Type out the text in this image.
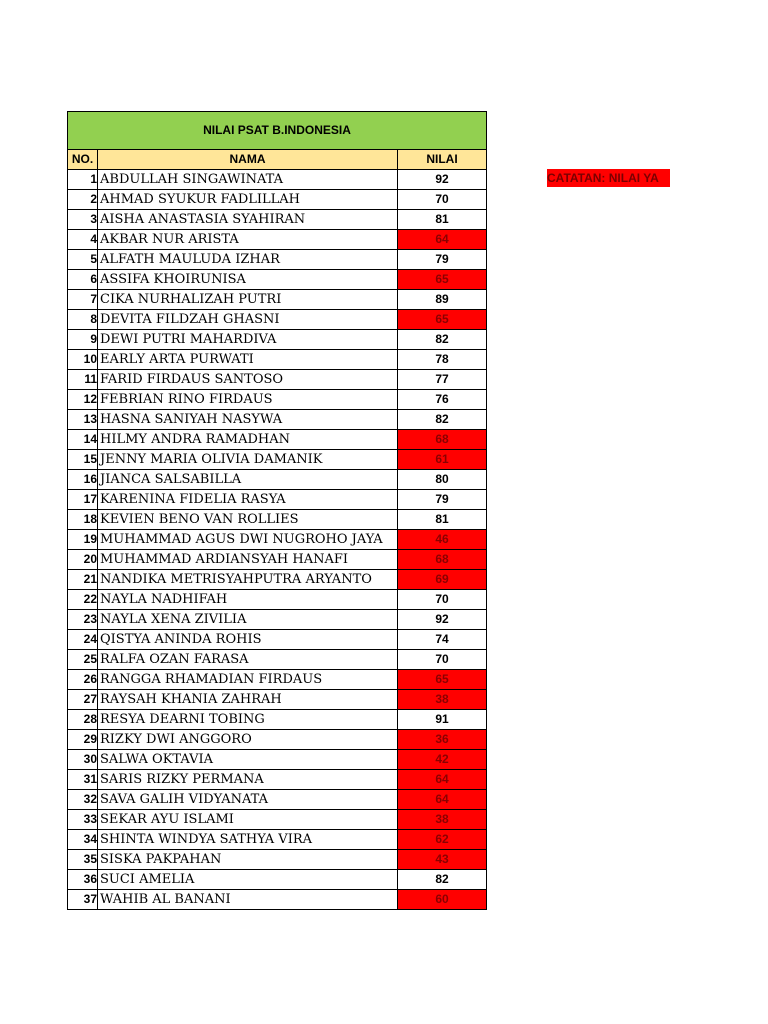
NILAI PSAT B.INDONESIA		
NO.	NAMA	NILAI
1	ABDULLAH SINGAWINATA	92
2	AHMAD SYUKUR FADLILLAH	70
3	AISHA ANASTASIA SYAHIRAN	81
4	AKBAR NUR ARISTA	64
5	ALFATH MAULUDA IZHAR	79
6	ASSIFA KHOIRUNISA	65
7	CIKA NURHALIZAH PUTRI	89
8	DEVITA FILDZAH GHASNI	65
9	DEWI PUTRI MAHARDIVA	82
10	EARLY ARTA PURWATI	78
11	FARID FIRDAUS SANTOSO	77
12	FEBRIAN RINO FIRDAUS	76
13	HASNA SANIYAH NASYWA	82
14	HILMY ANDRA RAMADHAN	68
15	JENNY MARIA OLIVIA DAMANIK	61
16	JIANCA SALSABILLA	80
17	KARENINA FIDELIA RASYA	79
18	KEVIEN BENO VAN ROLLIES	81
19	MUHAMMAD AGUS DWI NUGROHO JAYA	46
20	MUHAMMAD ARDIANSYAH HANAFI	68
21	NANDIKA METRISYAHPUTRA ARYANTO	69
22	NAYLA NADHIFAH	70
23	NAYLA XENA ZIVILIA	92
24	QISTYA ANINDA ROHIS	74
25	RALFA OZAN FARASA	70
26	RANGGA RHAMADIAN FIRDAUS	65
27	RAYSAH KHANIA ZAHRAH	38
28	RESYA DEARNI TOBING	91
29	RIZKY DWI ANGGORO	36
30	SALWA OKTAVIA	42
31	SARIS RIZKY PERMANA	64
32	SAVA GALIH VIDYANATA	64
33	SEKAR AYU ISLAMI	38
34	SHINTA WINDYA SATHYA VIRA	62
35	SISKA PAKPAHAN	43
36	SUCI AMELIA	82
37	WAHIB AL BANANI	60
CATATAN: NILAI YA
